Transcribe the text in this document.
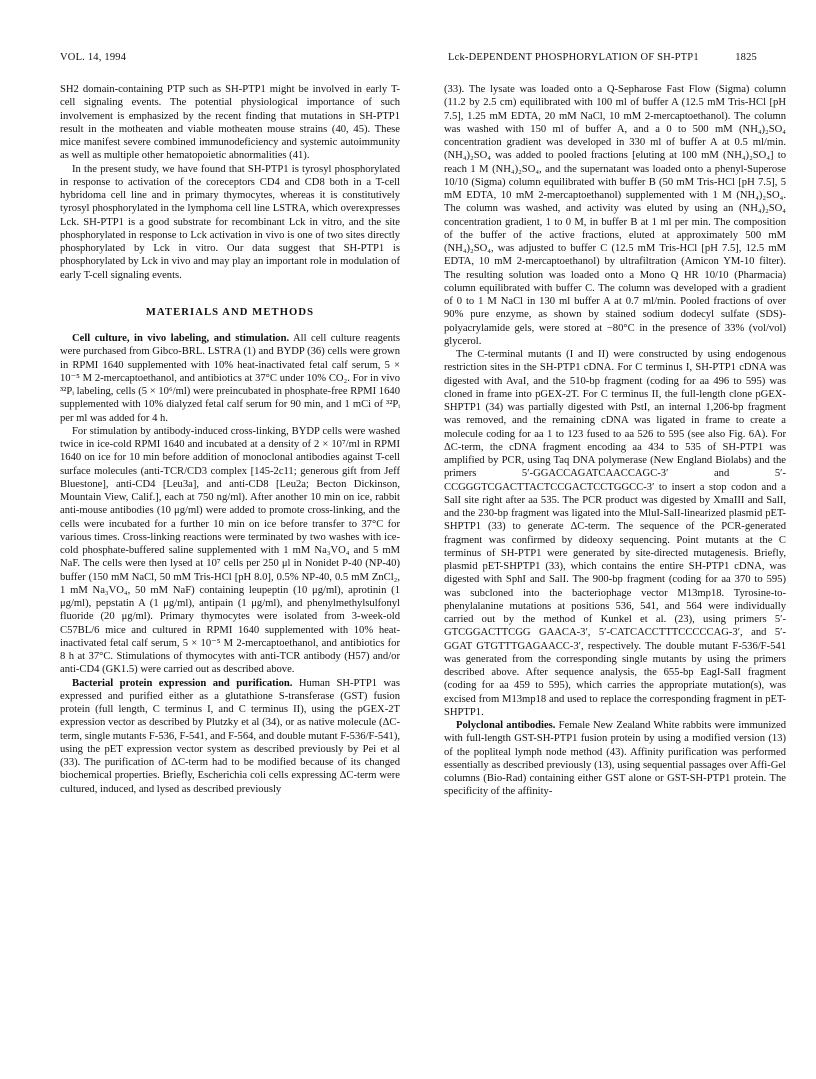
VOL. 14, 1994	Lck-DEPENDENT PHOSPHORYLATION OF SH-PTP1	1825

SH2 domain-containing PTP such as SH-PTP1 might be involved in early T-cell signaling events. The potential physiological importance of such involvement is emphasized by the recent finding that mutations in SH-PTP1 result in the motheaten and viable motheaten mouse strains (40, 45). These mice manifest severe combined immunodeficiency and systemic autoimmunity as well as multiple other hematopoietic abnormalities (41).

In the present study, we have found that SH-PTP1 is tyrosyl phosphorylated in response to activation of the coreceptors CD4 and CD8 both in a T-cell hybridoma cell line and in primary thymocytes, whereas it is constitutively tyrosyl phosphorylated in the lymphoma cell line LSTRA, which overexpresses Lck. SH-PTP1 is a good substrate for recombinant Lck in vitro, and the site phosphorylated in response to Lck activation in vivo is one of two sites directly phosphorylated by Lck in vitro. Our data suggest that SH-PTP1 is phosphorylated by Lck in vivo and may play an important role in modulation of early T-cell signaling events.

MATERIALS AND METHODS

Cell culture, in vivo labeling, and stimulation. All cell culture reagents were purchased from Gibco-BRL. LSTRA (1) and BYDP (36) cells were grown in RPMI 1640 supplemented with 10% heat-inactivated fetal calf serum, 5 × 10⁻⁵ M 2-mercaptoethanol, and antibiotics at 37°C under 10% CO₂. For in vivo ³²Pᵢ labeling, cells (5 × 10⁶/ml) were preincubated in phosphate-free RPMI 1640 supplemented with 10% dialyzed fetal calf serum for 90 min, and 1 mCi of ³²Pᵢ per ml was added for 4 h.

For stimulation by antibody-induced cross-linking, BYDP cells were washed twice in ice-cold RPMI 1640 and incubated at a density of 2 × 10⁷/ml in RPMI 1640 on ice for 10 min before addition of monoclonal antibodies against T-cell surface molecules (anti-TCR/CD3 complex [145-2c11; generous gift from Jeff Bluestone], anti-CD4 [Leu3a], and anti-CD8 [Leu2a; Becton Dickinson, Mountain View, Calif.], each at 750 ng/ml). After another 10 min on ice, rabbit anti-mouse antibodies (10 μg/ml) were added to promote cross-linking, and the cells were incubated for a further 10 min on ice before transfer to 37°C for various times. Cross-linking reactions were terminated by two washes with ice-cold phosphate-buffered saline supplemented with 1 mM Na₃VO₄ and 5 mM NaF. The cells were then lysed at 10⁷ cells per 250 μl in Nonidet P-40 (NP-40) buffer (150 mM NaCl, 50 mM Tris-HCl [pH 8.0], 0.5% NP-40, 0.5 mM ZnCl₂, 1 mM Na₃VO₄, 50 mM NaF) containing leupeptin (10 μg/ml), aprotinin (1 μg/ml), pepstatin A (1 μg/ml), antipain (1 μg/ml), and phenylmethylsulfonyl fluoride (20 μg/ml). Primary thymocytes were isolated from 3-week-old C57BL/6 mice and cultured in RPMI 1640 supplemented with 10% heat-inactivated fetal calf serum, 5 × 10⁻⁵ M 2-mercaptoethanol, and antibiotics for 8 h at 37°C. Stimulations of thymocytes with anti-TCR antibody (H57) and/or anti-CD4 (GK1.5) were carried out as described above.

Bacterial protein expression and purification. Human SH-PTP1 was expressed and purified either as a glutathione S-transferase (GST) fusion protein (full length, C terminus I, and C terminus II), using the pGEX-2T expression vector as described by Plutzky et al (34), or as native molecule (ΔC-term, single mutants F-536, F-541, and F-564, and double mutant F-536/F-541), using the pET expression vector system as described previously by Pei et al (33). The purification of ΔC-term had to be modified because of its changed biochemical properties. Briefly, Escherichia coli cells expressing ΔC-term were cultured, induced, and lysed as described previously

(33). The lysate was loaded onto a Q-Sepharose Fast Flow (Sigma) column (11.2 by 2.5 cm) equilibrated with 100 ml of buffer A (12.5 mM Tris-HCl [pH 7.5], 1.25 mM EDTA, 20 mM NaCl, 10 mM 2-mercaptoethanol). The column was washed with 150 ml of buffer A, and a 0 to 500 mM (NH₄)₂SO₄ concentration gradient was developed in 330 ml of buffer A at 0.5 ml/min. (NH₄)₂SO₄ was added to pooled fractions [eluting at 100 mM (NH₄)₂SO₄] to reach 1 M (NH₄)₂SO₄, and the supernatant was loaded onto a phenyl-Superose 10/10 (Sigma) column equilibrated with buffer B (50 mM Tris-HCl [pH 7.5], 5 mM EDTA, 10 mM 2-mercaptoethanol) supplemented with 1 M (NH₄)₂SO₄. The column was washed, and activity was eluted by using an (NH₄)₂SO₄ concentration gradient, 1 to 0 M, in buffer B at 1 ml per min. The composition of the buffer of the active fractions, eluted at approximately 500 mM (NH₄)₂SO₄, was adjusted to buffer C (12.5 mM Tris-HCl [pH 7.5], 12.5 mM EDTA, 10 mM 2-mercaptoethanol) by ultrafiltration (Amicon YM-10 filter). The resulting solution was loaded onto a Mono Q HR 10/10 (Pharmacia) column equilibrated with buffer C. The column was developed with a gradient of 0 to 1 M NaCl in 130 ml buffer A at 0.7 ml/min. Pooled fractions of over 90% pure enzyme, as shown by stained sodium dodecyl sulfate (SDS)-polyacrylamide gels, were stored at −80°C in the presence of 33% (vol/vol) glycerol.

The C-terminal mutants (I and II) were constructed by using endogenous restriction sites in the SH-PTP1 cDNA. For C terminus I, SH-PTP1 cDNA was digested with AvaI, and the 510-bp fragment (coding for aa 496 to 595) was cloned in frame into pGEX-2T. For C terminus II, the full-length clone pGEX-SHPTP1 (34) was partially digested with PstI, an internal 1,206-bp fragment was removed, and the remaining cDNA was ligated in frame to create a molecule coding for aa 1 to 123 fused to aa 526 to 595 (see also Fig. 6A). For ΔC-term, the cDNA fragment encoding aa 434 to 535 of SH-PTP1 was amplified by PCR, using Taq DNA polymerase (New England Biolabs) and the primers 5′-GGACCAGATCAACCAGC-3′ and 5′-CCGGGTCGACTTACTCCGACTCCTGGCC-3′ to insert a stop codon and a SalI site right after aa 535. The PCR product was digested by XmaIII and SalI, and the 230-bp fragment was ligated into the MluI-SalI-linearized plasmid pET-SHPTP1 (33) to generate ΔC-term. The sequence of the PCR-generated fragment was confirmed by dideoxy sequencing. Point mutants at the C terminus of SH-PTP1 were generated by site-directed mutagenesis. Briefly, plasmid pET-SHPTP1 (33), which contains the entire SH-PTP1 cDNA, was digested with SphI and SalI. The 900-bp fragment (coding for aa 370 to 595) was subcloned into the bacteriophage vector M13mp18. Tyrosine-to-phenylalanine mutations at positions 536, 541, and 564 were individually carried out by the method of Kunkel et al. (23), using primers 5′-GTCGGACTTCGG GAACA-3′, 5′-CATCACCTTTCCCCCAG-3′, and 5′-GGAT GTGTTTGAGAACC-3′, respectively. The double mutant F-536/F-541 was generated from the corresponding single mutants by using the primers described above. After sequence analysis, the 655-bp EagI-SalI fragment (coding for aa 459 to 595), which carries the appropriate mutation(s), was excised from M13mp18 and used to replace the corresponding fragment in pET-SHPTP1.

Polyclonal antibodies. Female New Zealand White rabbits were immunized with full-length GST-SH-PTP1 fusion protein by using a modified version (13) of the popliteal lymph node method (43). Affinity purification was performed essentially as described previously (13), using sequential passages over Affi-Gel columns (Bio-Rad) containing either GST alone or GST-SH-PTP1 protein. The specificity of the affinity-
